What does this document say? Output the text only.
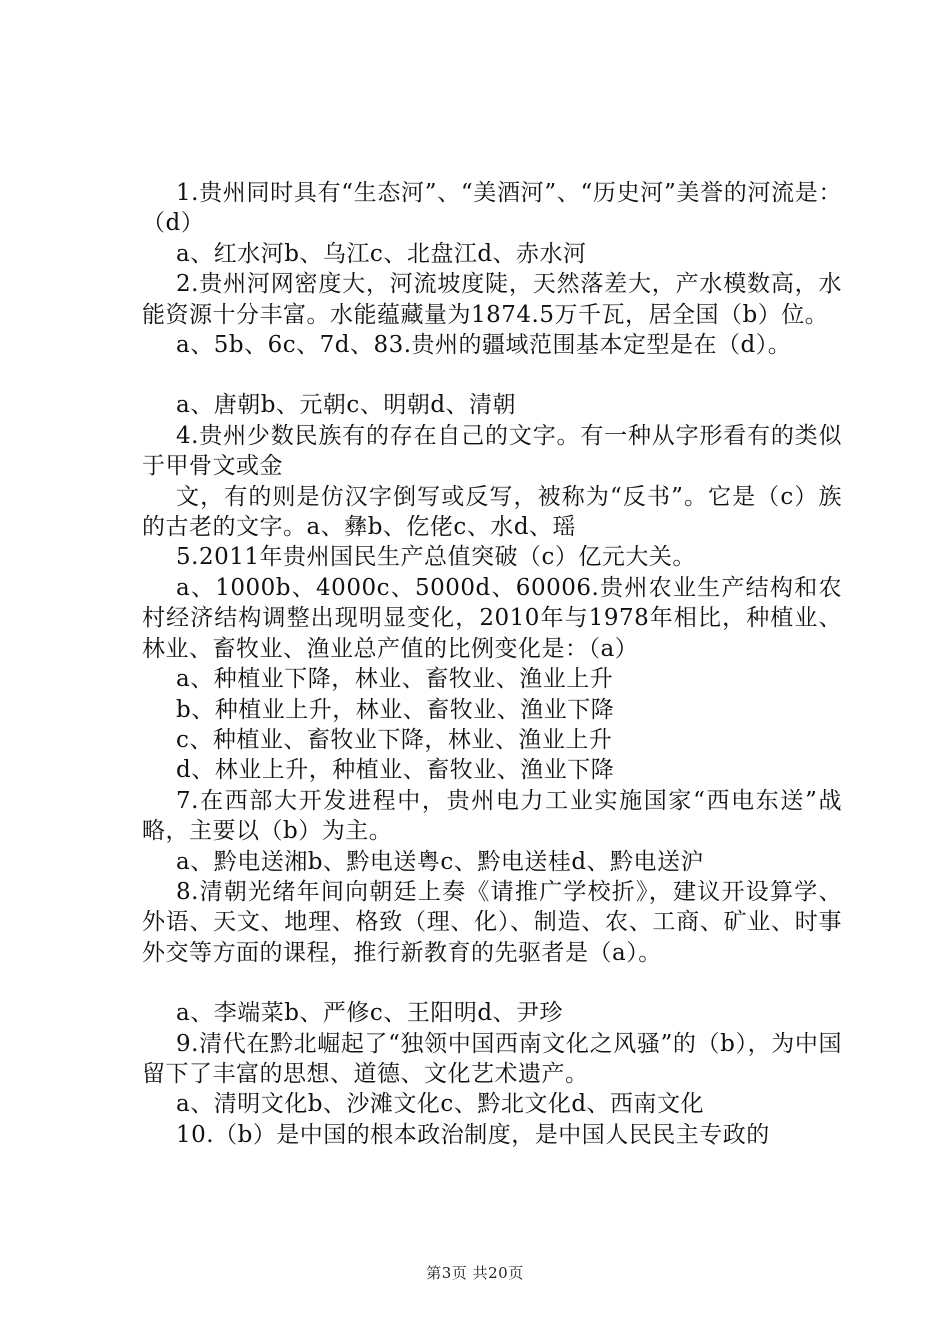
1.贵州同时具有“生态河”、“美酒河”、“历史河”美誉的河流是：（d）

a、红水河b、乌江c、北盘江d、赤水河

2.贵州河网密度大，河流坡度陡，天然落差大，产水模数高，水能资源十分丰富。水能蕴藏量为1874.5万千瓦，居全国（b）位。

a、5b、6c、7d、83.贵州的疆域范围基本定型是在（d）。

a、唐朝b、元朝c、明朝d、清朝

4.贵州少数民族有的存在自己的文字。有一种从字形看有的类似于甲骨文或金

文，有的则是仿汉字倒写或反写，被称为“反书”。它是（c）族的古老的文字。a、彝b、仡佬c、水d、瑶

5.2011年贵州国民生产总值突破（c）亿元大关。

a、1000b、4000c、5000d、60006.贵州农业生产结构和农村经济结构调整出现明显变化，2010年与1978年相比，种植业、林业、畜牧业、渔业总产值的比例变化是：（a）

a、种植业下降，林业、畜牧业、渔业上升

b、种植业上升，林业、畜牧业、渔业下降

c、种植业、畜牧业下降，林业、渔业上升

d、林业上升，种植业、畜牧业、渔业下降

7.在西部大开发进程中，贵州电力工业实施国家“西电东送”战略，主要以（b）为主。

a、黔电送湘b、黔电送粤c、黔电送桂d、黔电送沪

8.清朝光绪年间向朝廷上奏《请推广学校折》，建议开设算学、外语、天文、地理、格致（理、化）、制造、农、工商、矿业、时事外交等方面的课程，推行新教育的先驱者是（a）。

a、李端菜b、严修c、王阳明d、尹珍

9.清代在黔北崛起了“独领中国西南文化之风骚”的（b），为中国留下了丰富的思想、道德、文化艺术遗产。

a、清明文化b、沙滩文化c、黔北文化d、西南文化

10.（b）是中国的根本政治制度，是中国人民民主专政的

第3页 共20页
